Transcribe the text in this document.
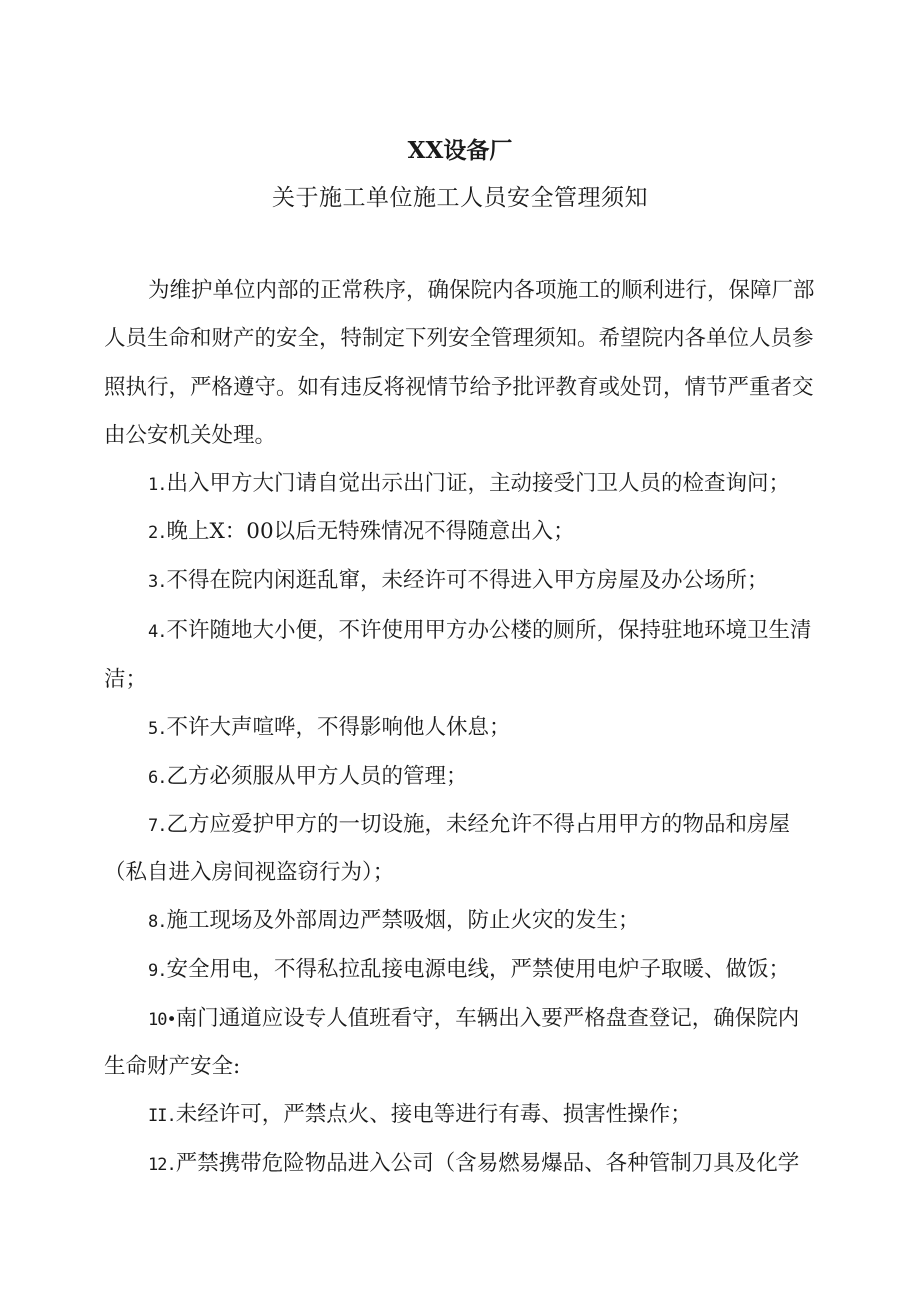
XX设备厂
关于施工单位施工人员安全管理须知
为维护单位内部的正常秩序，确保院内各项施工的顺利进行，保障厂部
人员生命和财产的安全，特制定下列安全管理须知。希望院内各单位人员参
照执行，严格遵守。如有违反将视情节给予批评教育或处罚，情节严重者交
由公安机关处理。
1.出入甲方大门请自觉出示出门证，主动接受门卫人员的检查询问；
2.晚上X：00以后无特殊情况不得随意出入；
3.不得在院内闲逛乱窜，未经许可不得进入甲方房屋及办公场所；
4.不许随地大小便，不许使用甲方办公楼的厕所，保持驻地环境卫生清
洁；
5.不许大声喧哗，不得影响他人休息；
6.乙方必须服从甲方人员的管理；
7.乙方应爱护甲方的一切设施，未经允许不得占用甲方的物品和房屋
（私自进入房间视盗窃行为）；
8.施工现场及外部周边严禁吸烟，防止火灾的发生；
9.安全用电，不得私拉乱接电源电线，严禁使用电炉子取暖、做饭；
10•南门通道应设专人值班看守，车辆出入要严格盘查登记，确保院内
生命财产安全:
II.未经许可，严禁点火、接电等进行有毒、损害性操作；
12.严禁携带危险物品进入公司（含易燃易爆品、各种管制刀具及化学
